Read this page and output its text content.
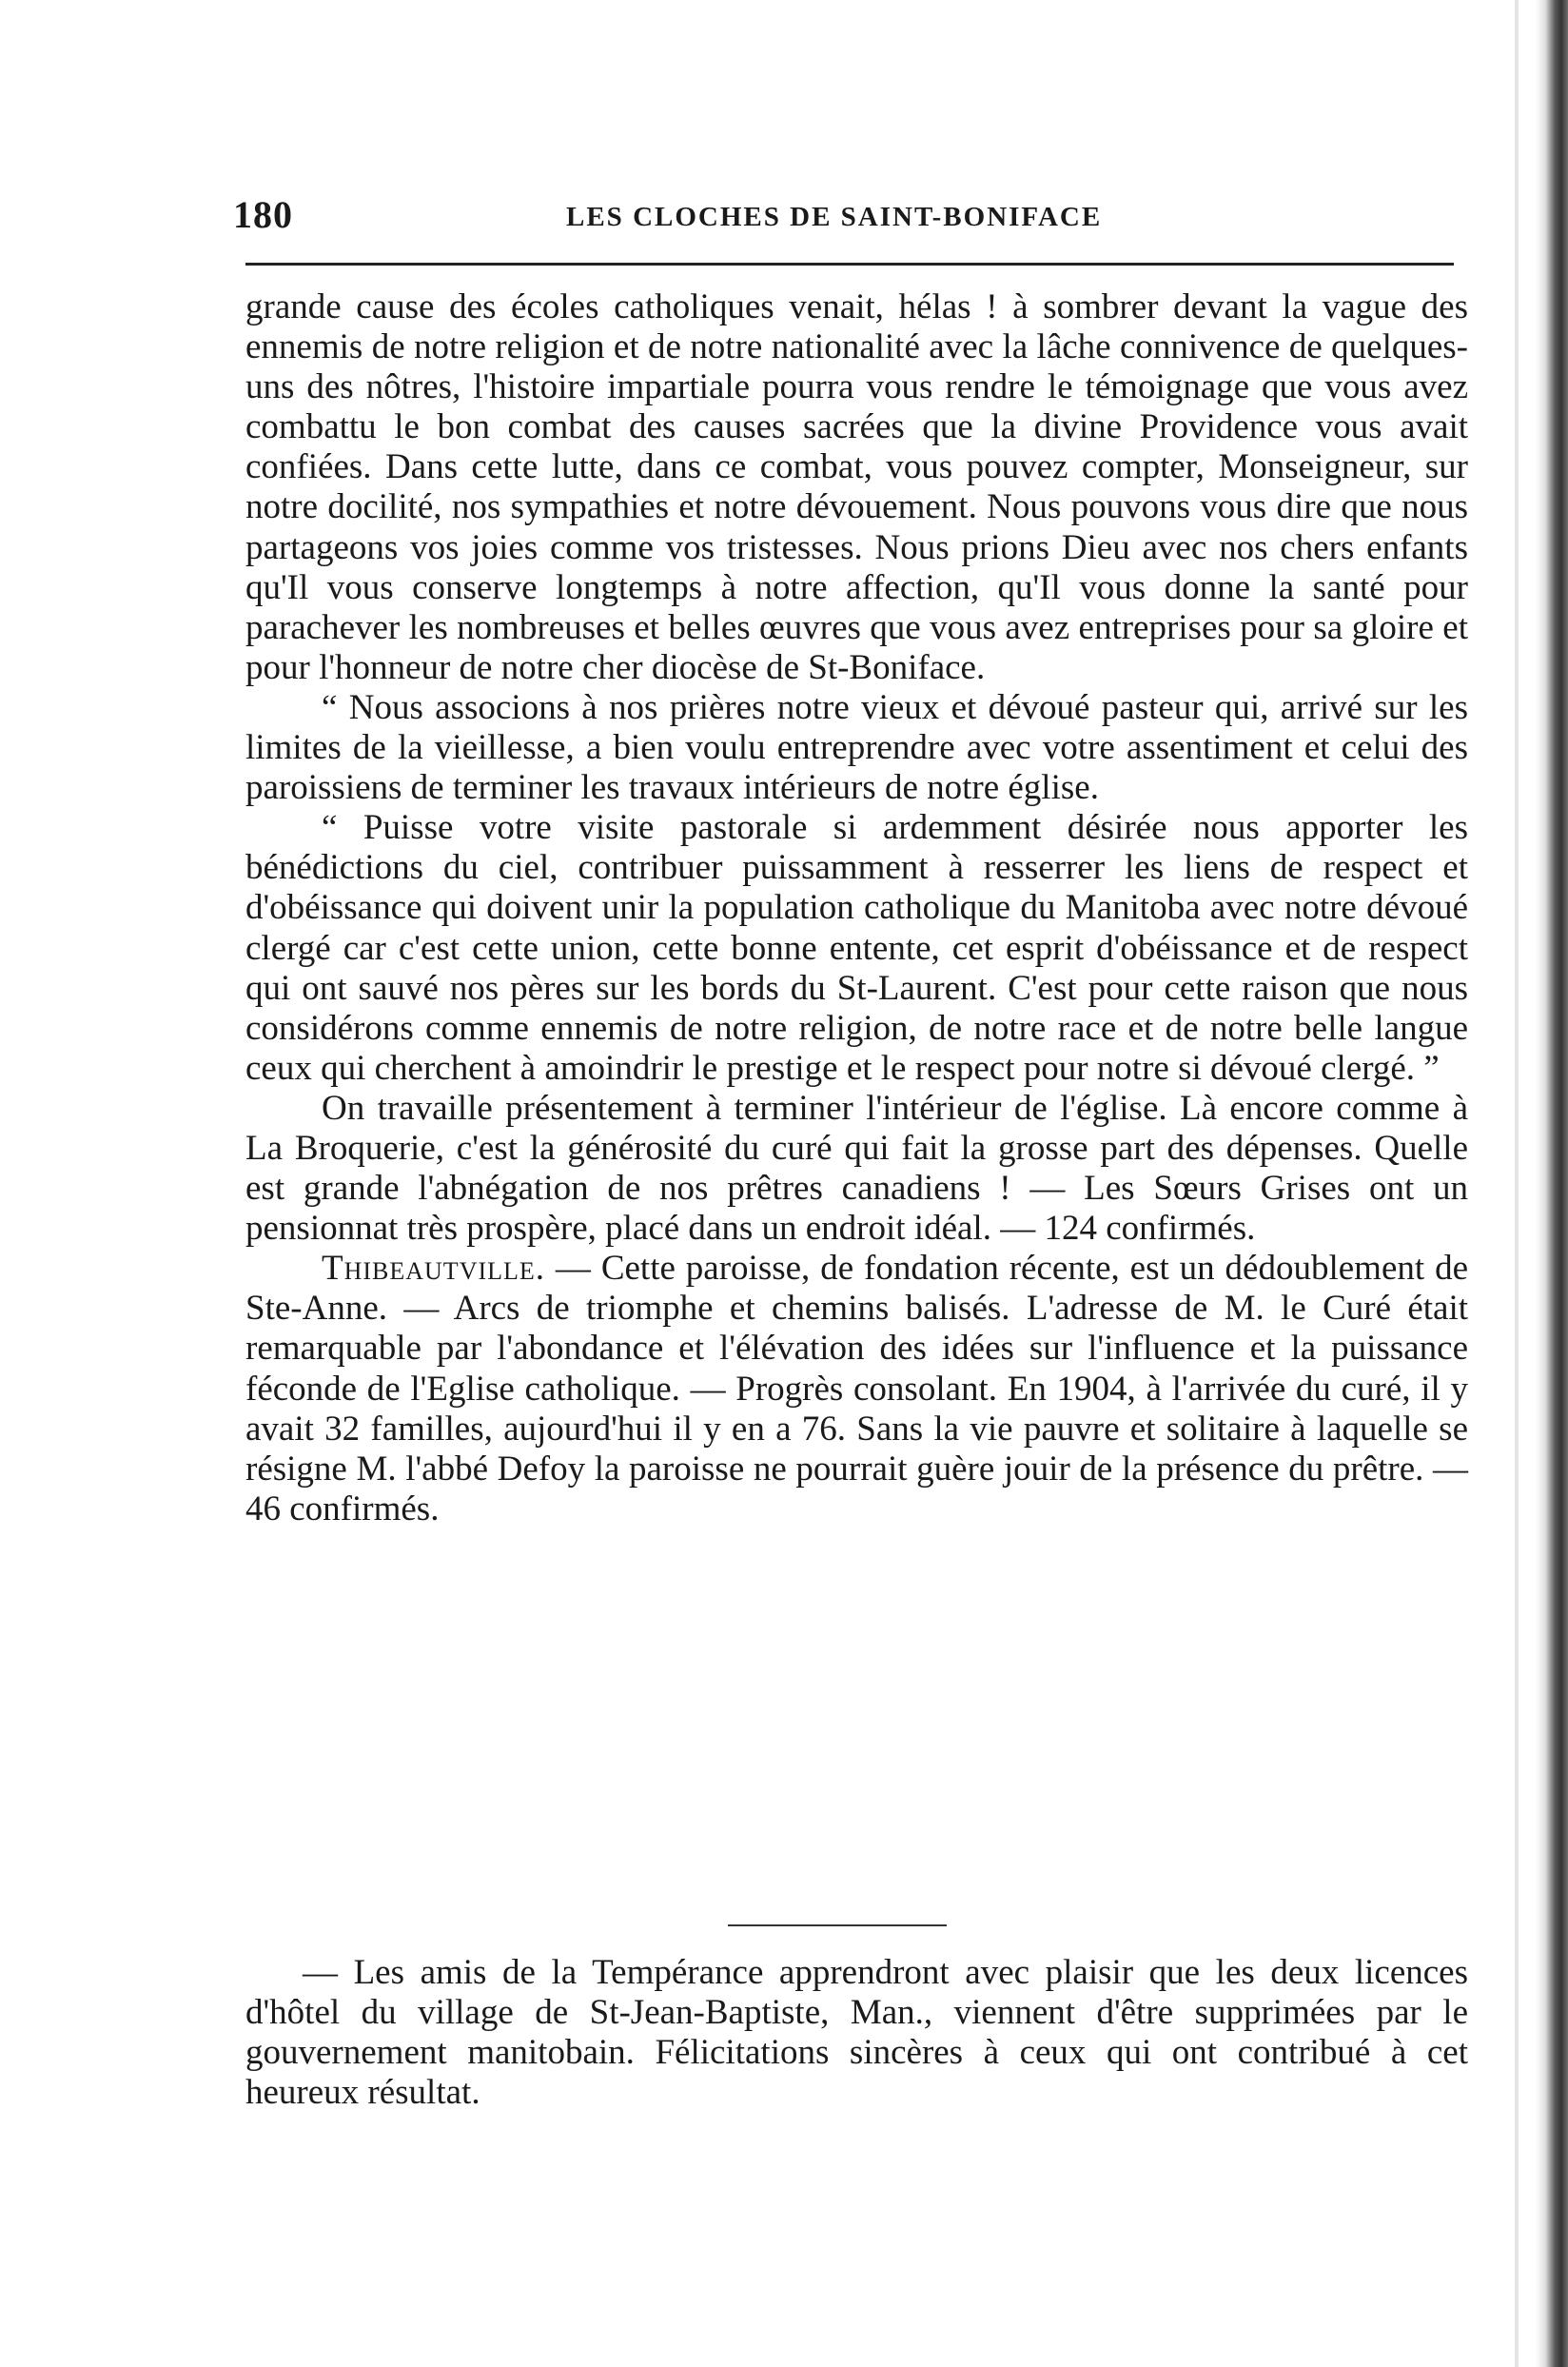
180	LES CLOCHES DE SAINT-BONIFACE

grande cause des écoles catholiques venait, hélas ! à sombrer devant la vague des ennemis de notre religion et de notre nationalité avec la lâche connivence de quelques-uns des nôtres, l'histoire impartiale pourra vous rendre le témoignage que vous avez combattu le bon combat des causes sacrées que la divine Providence vous avait confiées. Dans cette lutte, dans ce combat, vous pouvez compter, Monseigneur, sur notre docilité, nos sympathies et notre dévouement. Nous pouvons vous dire que nous partageons vos joies comme vos tristesses. Nous prions Dieu avec nos chers enfants qu'Il vous conserve longtemps à notre affection, qu'Il vous donne la santé pour parachever les nombreuses et belles œuvres que vous avez entreprises pour sa gloire et pour l'honneur de notre cher diocèse de St-Boniface.

“ Nous associons à nos prières notre vieux et dévoué pasteur qui, arrivé sur les limites de la vieillesse, a bien voulu entreprendre avec votre assentiment et celui des paroissiens de terminer les travaux intérieurs de notre église.

“ Puisse votre visite pastorale si ardemment désirée nous apporter les bénédictions du ciel, contribuer puissamment à resserrer les liens de respect et d'obéissance qui doivent unir la population catholique du Manitoba avec notre dévoué clergé car c'est cette union, cette bonne entente, cet esprit d'obéissance et de respect qui ont sauvé nos pères sur les bords du St-Laurent. C'est pour cette raison que nous considérons comme ennemis de notre religion, de notre race et de notre belle langue ceux qui cherchent à amoindrir le prestige et le respect pour notre si dévoué clergé. ”

On travaille présentement à terminer l'intérieur de l'église. Là encore comme à La Broquerie, c'est la générosité du curé qui fait la grosse part des dépenses. Quelle est grande l'abnégation de nos prêtres canadiens ! — Les Sœurs Grises ont un pensionnat très prospère, placé dans un endroit idéal. — 124 confirmés.

Thibeautville. — Cette paroisse, de fondation récente, est un dédoublement de Ste-Anne. — Arcs de triomphe et chemins balisés. L'adresse de M. le Curé était remarquable par l'abondance et l'élévation des idées sur l'influence et la puissance féconde de l'Eglise catholique. — Progrès consolant. En 1904, à l'arrivée du curé, il y avait 32 familles, aujourd'hui il y en a 76. Sans la vie pauvre et solitaire à laquelle se résigne M. l'abbé Defoy la paroisse ne pourrait guère jouir de la présence du prêtre. — 46 confirmés.

— Les amis de la Tempérance apprendront avec plaisir que les deux licences d'hôtel du village de St-Jean-Baptiste, Man., viennent d'être supprimées par le gouvernement manitobain. Félicitations sincères à ceux qui ont contribué à cet heureux résultat.
